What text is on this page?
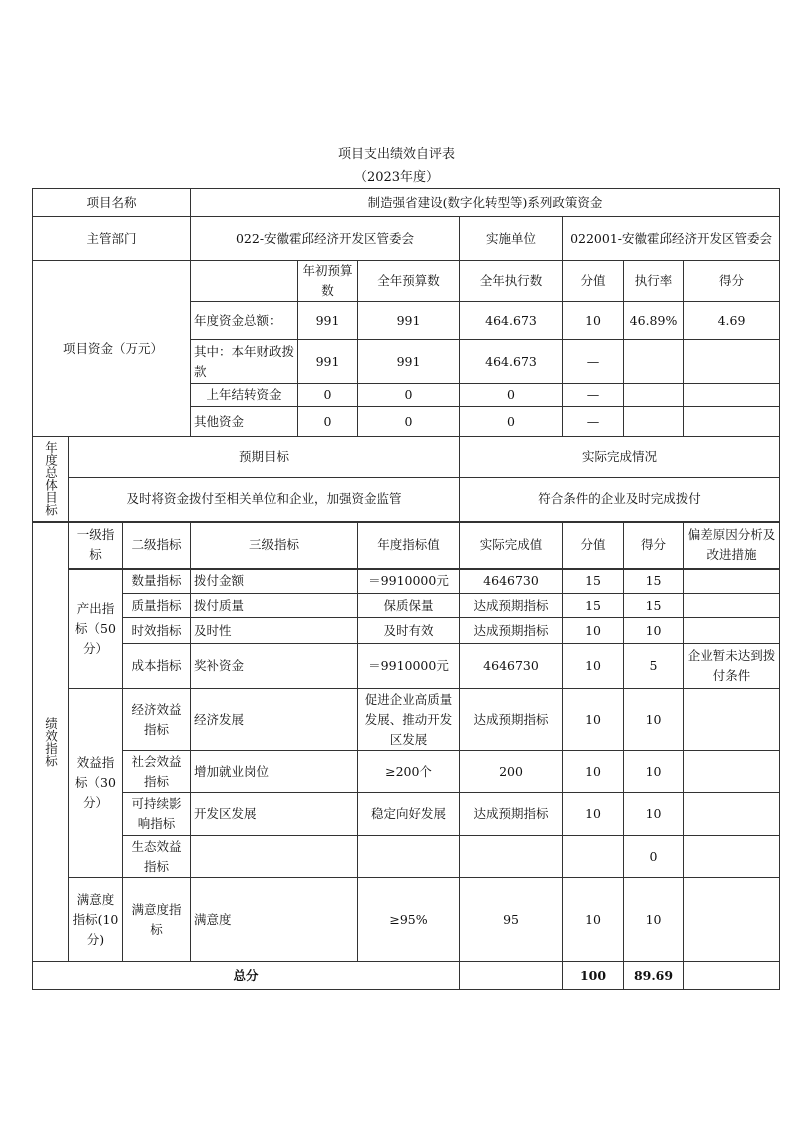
项目支出绩效自评表
（2023年度）
项目名称			制造强省建设(数字化转型等)系列政策资金						
主管部门			022-安徽霍邱经济开发区管委会			实施单位	022001-安徽霍邱经济开发区管委会		
项目资金（万元）				年初预算数	全年预算数	全年执行数	分值	执行率	得分
			年度资金总额：	991	991	464.673	10	46.89%	4.69
			其中：本年财政拨款	991	991	464.673	—		
			上年结转资金	0	0	0	—		
			其他资金	0	0	0	—		
年度总体目标	预期目标					实际完成情况			
	及时将资金拨付至相关单位和企业，加强资金监管					符合条件的企业及时完成拨付			
绩效指标	一级指标	二级指标	三级指标		年度指标值	实际完成值	分值	得分	偏差原因分析及改进措施
	产出指标（50分）	数量指标	拨付金额		＝9910000元	4646730	15	15	
		质量指标	拨付质量		保质保量	达成预期指标	15	15	
		时效指标	及时性		及时有效	达成预期指标	10	10	
		成本指标	奖补资金		＝9910000元	4646730	10	5	企业暂未达到拨付条件
	效益指标（30分）	经济效益指标	经济发展		促进企业高质量发展、推动开发区发展	达成预期指标	10	10	
		社会效益指标	增加就业岗位		≥200个	200	10	10	
		可持续影响指标	开发区发展		稳定向好发展	达成预期指标	10	10	
		生态效益指标						0	
	满意度指标(10分)	满意度指标	满意度		≥95%	95	10	10	
总分							100	89.69	
